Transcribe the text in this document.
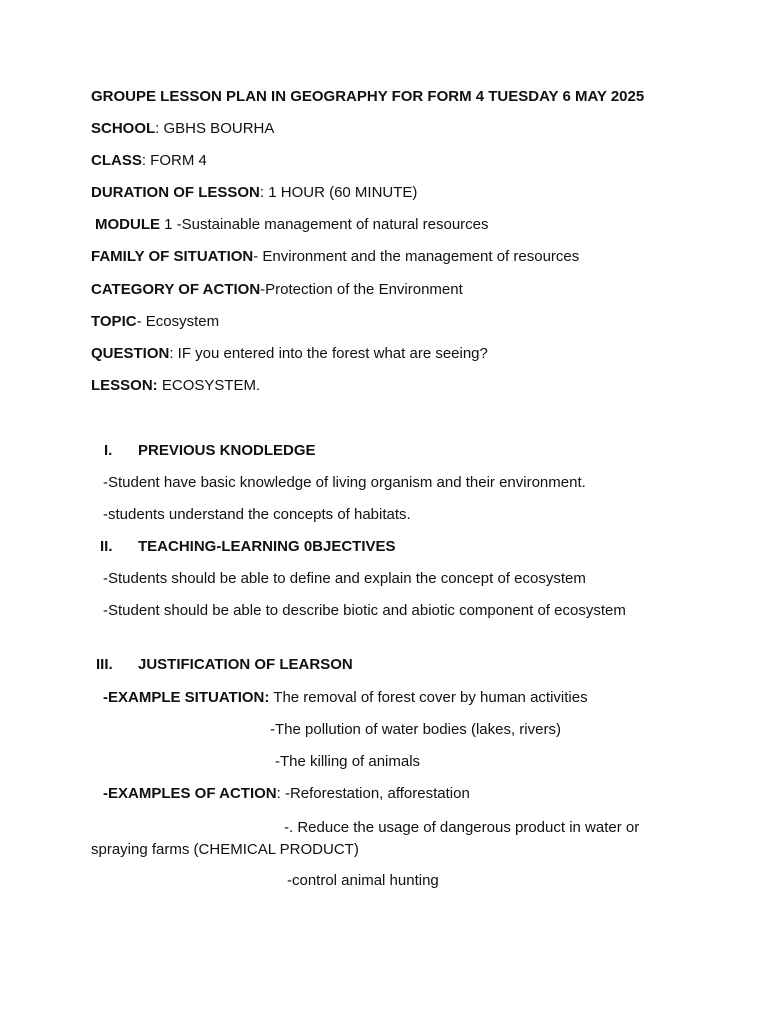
GROUPE LESSON PLAN IN GEOGRAPHY FOR FORM 4 TUESDAY 6 MAY 2025
SCHOOL: GBHS BOURHA
CLASS: FORM 4
DURATION OF LESSON: 1 HOUR (60 MINUTE)
MODULE 1 -Sustainable management of natural resources
FAMILY OF SITUATION- Environment and the management of resources
CATEGORY OF ACTION-Protection of the Environment
TOPIC- Ecosystem
QUESTION: IF you entered into the forest what are seeing?
LESSON: ECOSYSTEM.
I. PREVIOUS KNODLEDGE
-Student have basic knowledge of living organism and their environment.
-students understand the concepts of habitats.
II. TEACHING-LEARNING 0BJECTIVES
-Students should be able to define and explain the concept of ecosystem
-Student should be able to describe biotic and abiotic component of ecosystem
III. JUSTIFICATION OF LEARSON
-EXAMPLE SITUATION: The removal of forest cover by human activities
-The pollution of water bodies (lakes, rivers)
-The killing of animals
-EXAMPLES OF ACTION: -Reforestation, afforestation
-. Reduce the usage of dangerous product in water or
spraying farms (CHEMICAL PRODUCT)
-control animal hunting
